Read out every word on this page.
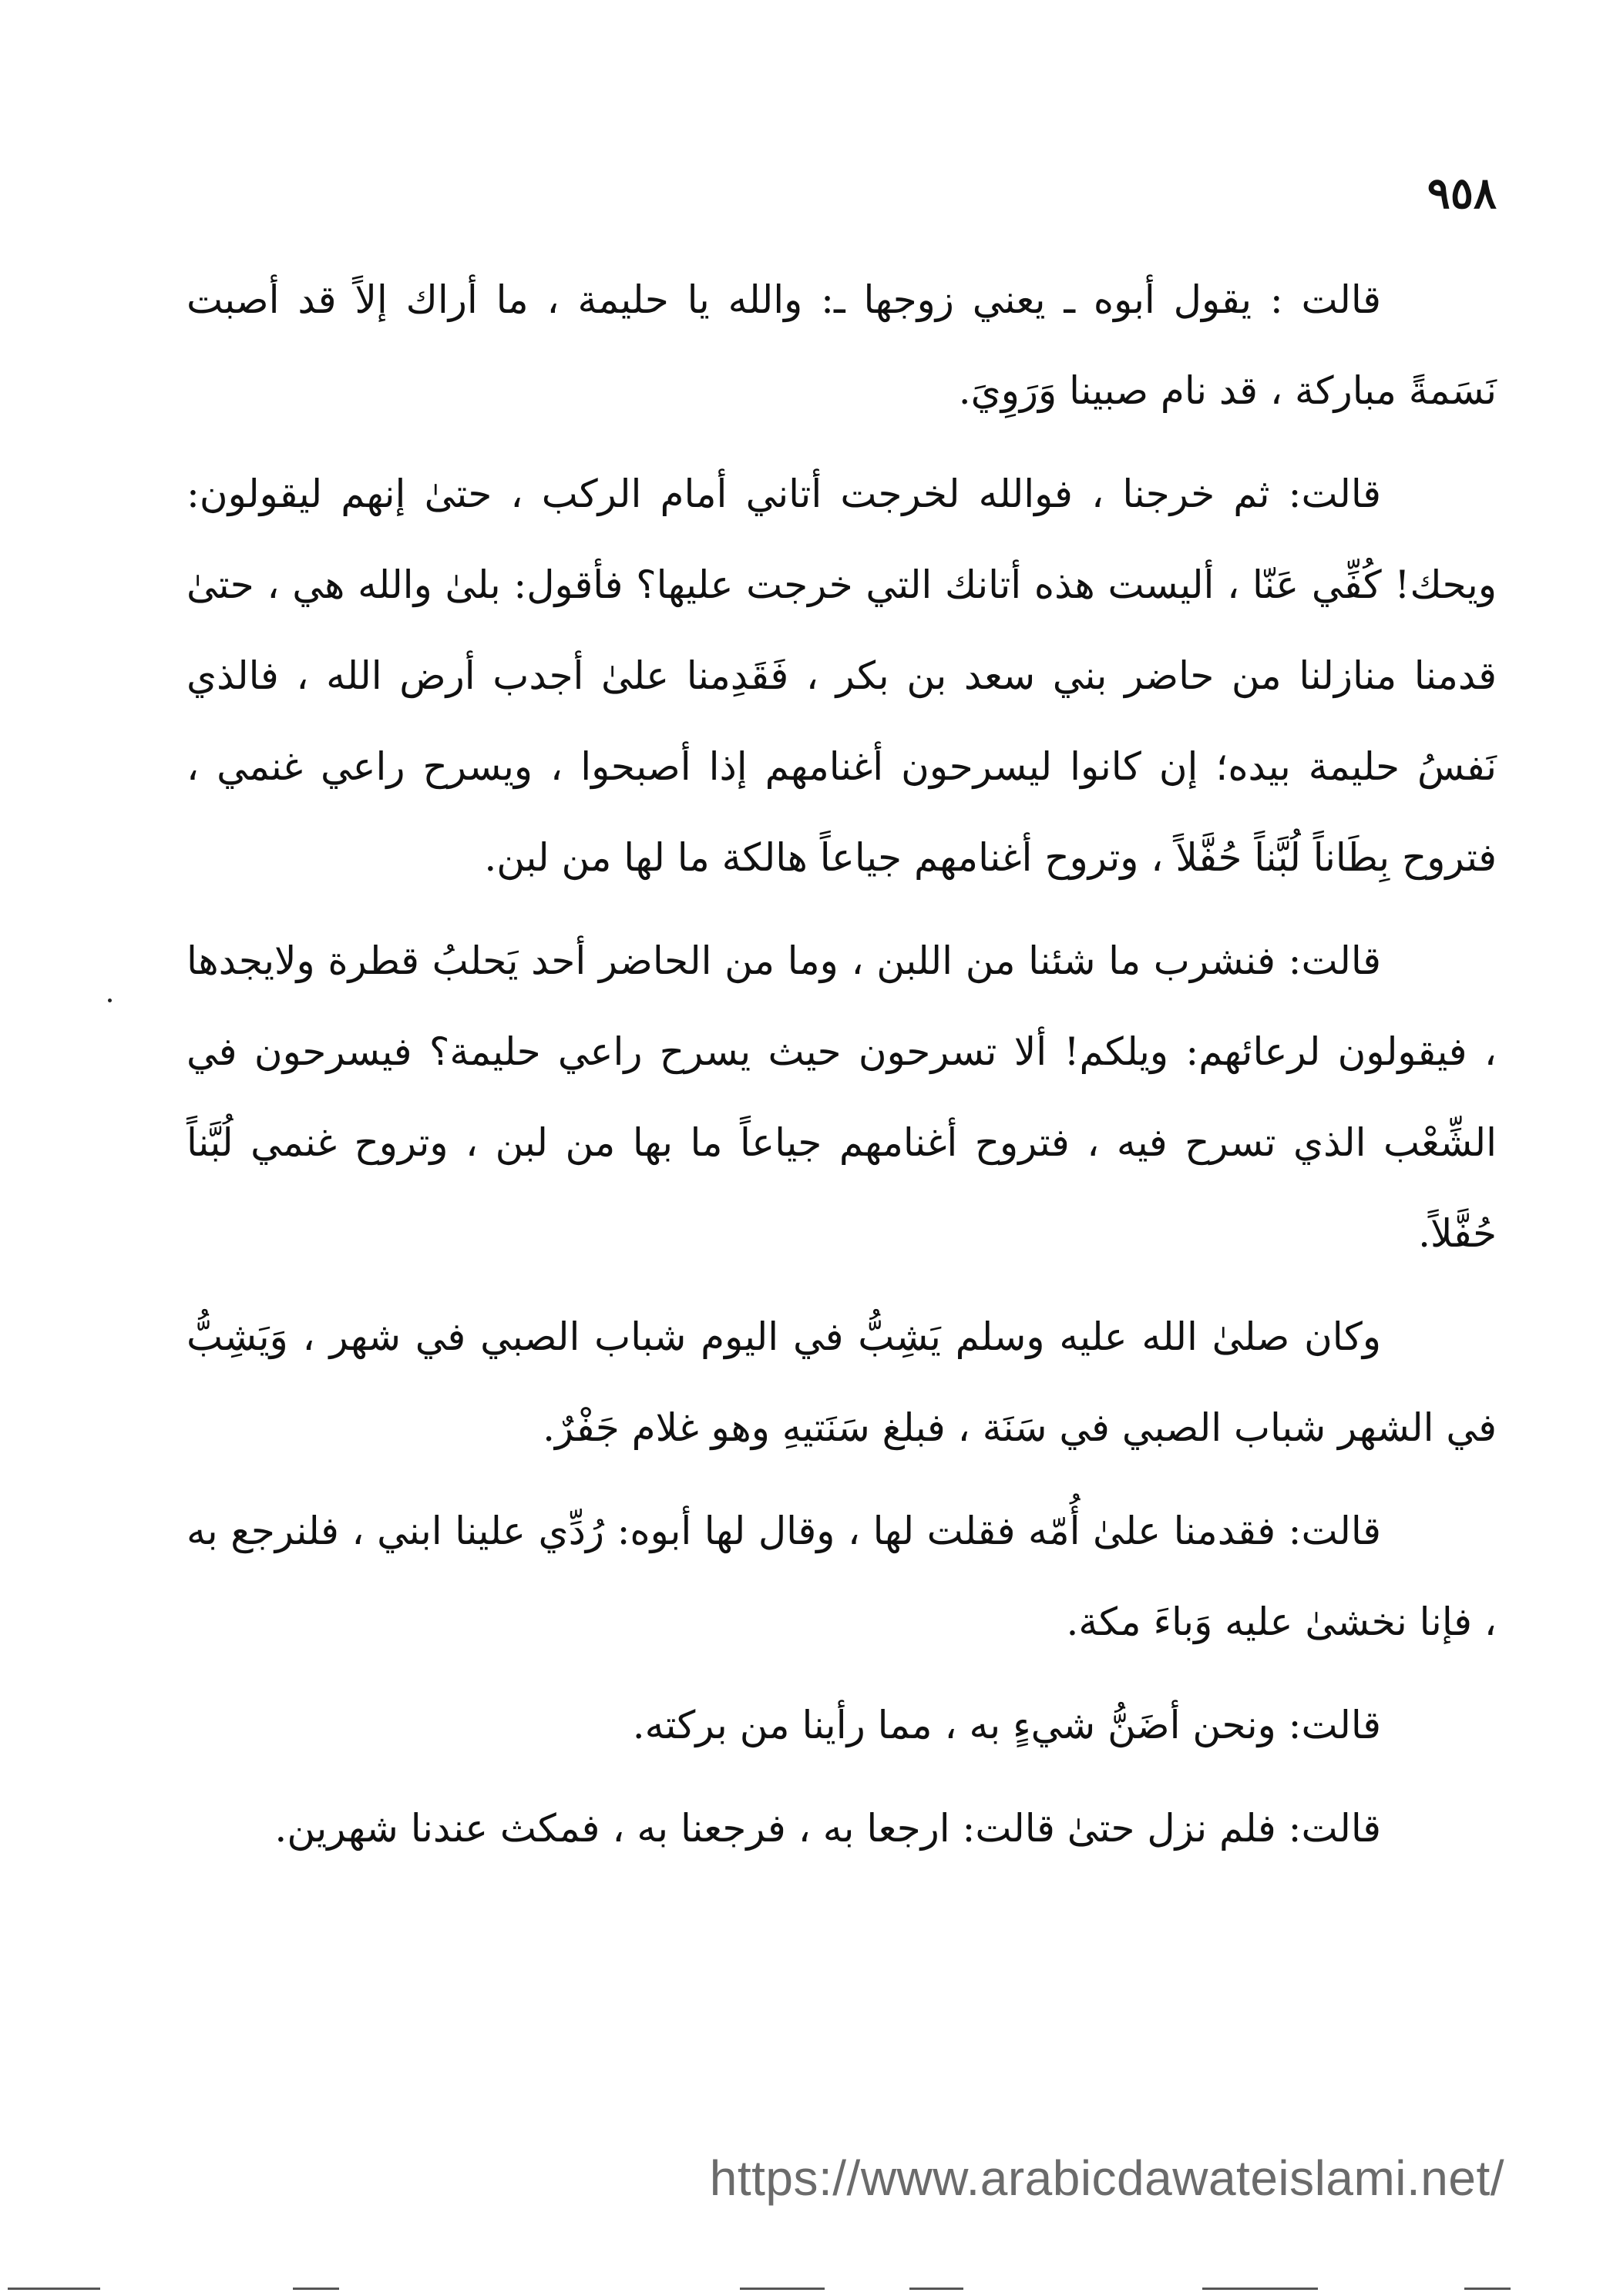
٩٥٨

قالت : يقول أبوه ـ يعني زوجها ـ: والله يا حليمة ، ما أراك إلاً قد أصبت نَسَمةً مباركة ، قد نام صبينا وَرَوِيَ.

قالت: ثم خرجنا ، فوالله لخرجت أتاني أمام الركب ، حتىٰ إنهم ليقولون: ويحك! كُفِّي عَنّا ، أليست هذه أتانك التي خرجت عليها؟ فأقول: بلىٰ والله هي ، حتىٰ قدمنا منازلنا من حاضر بني سعد بن بكر ، فَقَدِمنا علىٰ أجدب أرض الله ، فالذي نَفسُ حليمة بيده؛ إن كانوا ليسرحون أغنامهم إذا أصبحوا ، ويسرح راعي غنمي ، فتروح بِطَاناً لُبَّناً حُفَّلاً ، وتروح أغنامهم جياعاً هالكة ما لها من لبن.

قالت: فنشرب ما شئنا من اللبن ، وما من الحاضر أحد يَحلبُ قطرة ولايجدها ، فيقولون لرعائهم: ويلكم! ألا تسرحون حيث يسرح راعي حليمة؟ فيسرحون في الشِّعْب الذي تسرح فيه ، فتروح أغنامهم جياعاً ما بها من لبن ، وتروح غنمي لُبَّناً حُفَّلاً.

وكان صلىٰ الله عليه وسلم يَشِبُّ في اليوم شباب الصبي في شهر ، وَيَشِبُّ في الشهر شباب الصبي في سَنَة ، فبلغ سَنَتيهِ وهو غلام جَفْرٌ.

قالت: فقدمنا علىٰ أُمّه فقلت لها ، وقال لها أبوه: رُدِّي علينا ابني ، فلنرجع به ، فإنا نخشىٰ عليه وَباءَ مكة.

قالت: ونحن أضَنُّ شيءٍ به ، مما رأينا من بركته.

قالت: فلم نزل حتىٰ قالت: ارجعا به ، فرجعنا به ، فمكث عندنا شهرين.

https://www.arabicdawateislami.net/
